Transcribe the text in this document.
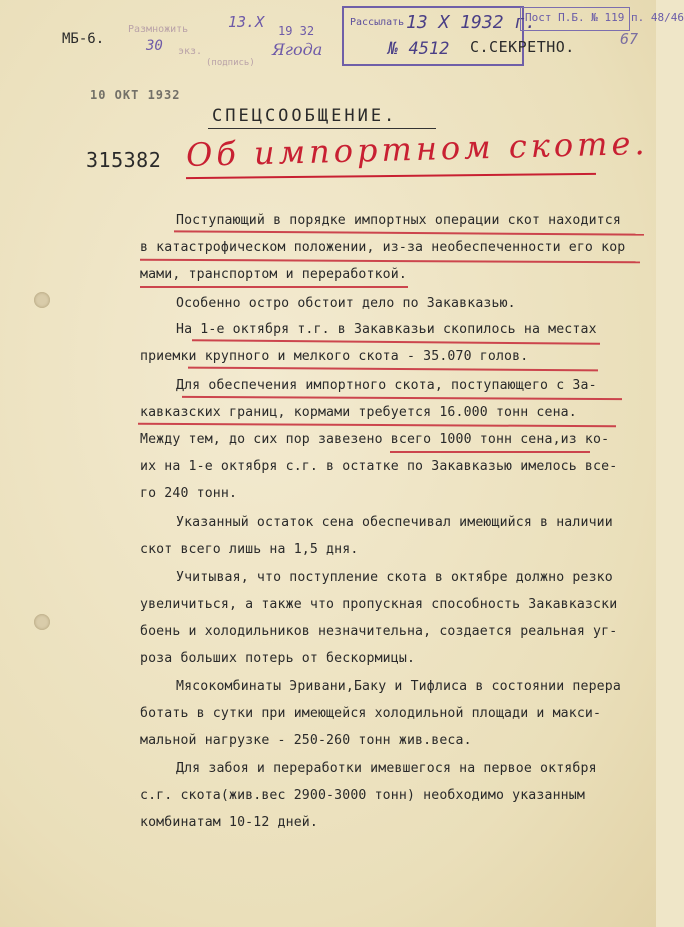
МБ-6.
Размножить	13.X 19 32
30 экз.
(подпись)
Ягода
Рассылать 13 X 1932 г.
№ 4512
Пост П.Б. № 119 п. 48/46
С.СЕКРЕТНО.	67
10 OKT 1932
СПЕЦСООБЩЕНИЕ.
315382 Об импортном скоте.
Поступающий в порядке импортных операции скот находится
в катастрофическом положении, из-за необеспеченности его кор
мами, транспортом и переработкой.
Особенно остро обстоит дело по Закавказью.
На 1-е октября т.г. в Закавказьи скопилось на местах
приемки крупного и мелкого скота - 35.070 голов.
Для обеспечения импортного скота, поступающего с За-
кавказских границ, кормами требуется 16.000 тонн сена.
Между тем, до сих пор завезено всего 1000 тонн сена,из ко-
их на 1-е октября с.г. в остатке по Закавказью имелось все-
го 240 тонн.
Указанный остаток сена обеспечивал имеющийся в наличии
скот всего лишь на 1,5 дня.
Учитывая, что поступление скота в октябре должно резко
увеличиться, а также что пропускная способность Закавказски
боень и холодильников незначительна, создается реальная уг-
роза больших потерь от бескормицы.
Мясокомбинаты Эривани,Баку и Тифлиса в состоянии перера
ботать в сутки при имеющейся холодильной площади и макси-
мальной нагрузке - 250-260 тонн жив.веса.
Для забоя и переработки имевшегося на первое октября
с.г. скота(жив.вес 2900-3000 тонн) необходимо указанным
комбинатам 10-12 дней.
